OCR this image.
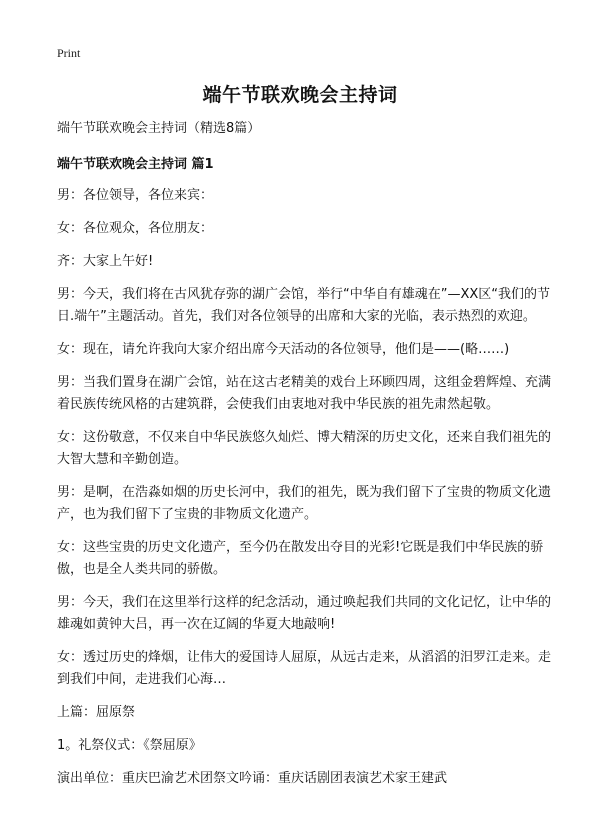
Print
端午节联欢晚会主持词

端午节联欢晚会主持词（精选8篇）

端午节联欢晚会主持词 篇1

男：各位领导，各位来宾：

女：各位观众，各位朋友：

齐：大家上午好!

男：今天，我们将在古风犹存弥的湖广会馆，举行“中华自有雄魂在”—XX区“我们的节日.端午”主题活动。首先，我们对各位领导的出席和大家的光临，表示热烈的欢迎。

女：现在，请允许我向大家介绍出席今天活动的各位领导，他们是——(略……)

男：当我们置身在湖广会馆，站在这古老精美的戏台上环顾四周，这组金碧辉煌、充满着民族传统风格的古建筑群，会使我们由衷地对我中华民族的祖先肃然起敬。

女：这份敬意，不仅来自中华民族悠久灿烂、博大精深的历史文化，还来自我们祖先的大智大慧和辛勤创造。

男：是啊，在浩淼如烟的历史长河中，我们的祖先，既为我们留下了宝贵的物质文化遗产，也为我们留下了宝贵的非物质文化遗产。

女：这些宝贵的历史文化遗产，至今仍在散发出夺目的光彩!它既是我们中华民族的骄傲，也是全人类共同的骄傲。

男：今天，我们在这里举行这样的纪念活动，通过唤起我们共同的文化记忆，让中华的雄魂如黄钟大吕，再一次在辽阔的华夏大地敲响!

女：透过历史的烽烟，让伟大的爱国诗人屈原，从远古走来，从滔滔的汨罗江走来。走到我们中间，走进我们心海…

上篇：屈原祭

1。礼祭仪式：《祭屈原》

演出单位：重庆巴渝艺术团祭文吟诵：重庆话剧团表演艺术家王建武
